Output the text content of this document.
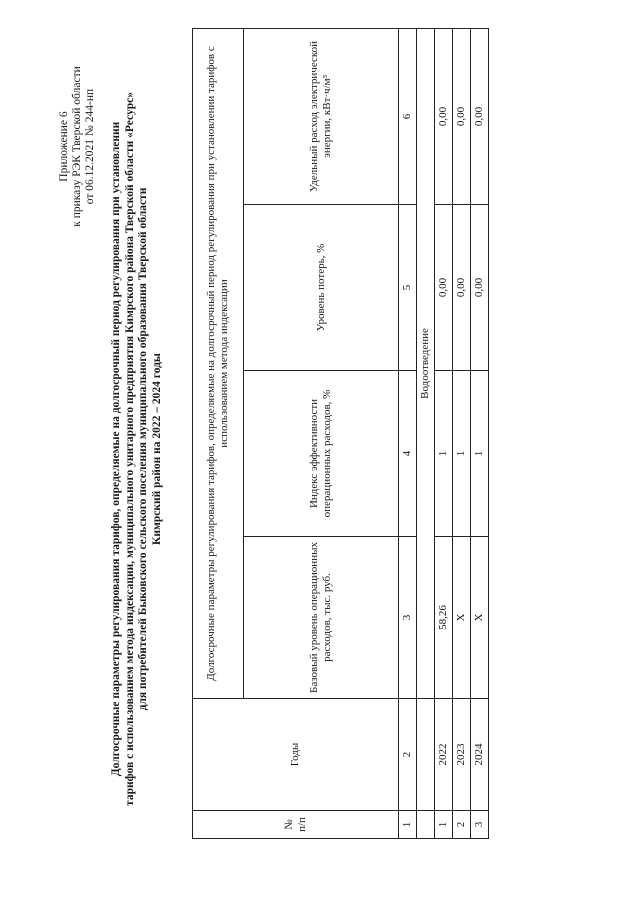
Приложение 6 к приказу РЭК Тверской области от 06.12.2021 № 244-нп Долгосрочные параметры регулирования тарифов, определяемые на долгосрочный период регулирования при установлении тарифов с использованием метода индексации, муниципального унитарного предприятия Кимрского района Тверской области «Ресурс» для потребителей Быковского сельского поселения муниципального образования Тверской области Кимрский район на 2022 – 2024 годы
№ п/п	Годы	Долгосрочные параметры регулирования тарифов, определяемые на долгосрочный период регулирования при установлении тарифов с использованием метода индексации			
		Базовый уровень операционных расходов, тыс. руб.	Индекс эффективности операционных расходов, %	Уровень потерь, %	Удельный расход электрической энергии, кВт·ч/м³
1	2	3	4	5	6
		Водоотведение			
1	2022	58,26	1	0,00	0,00
2	2023	Х	1	0,00	0,00
3	2024	Х	1	0,00	0,00
